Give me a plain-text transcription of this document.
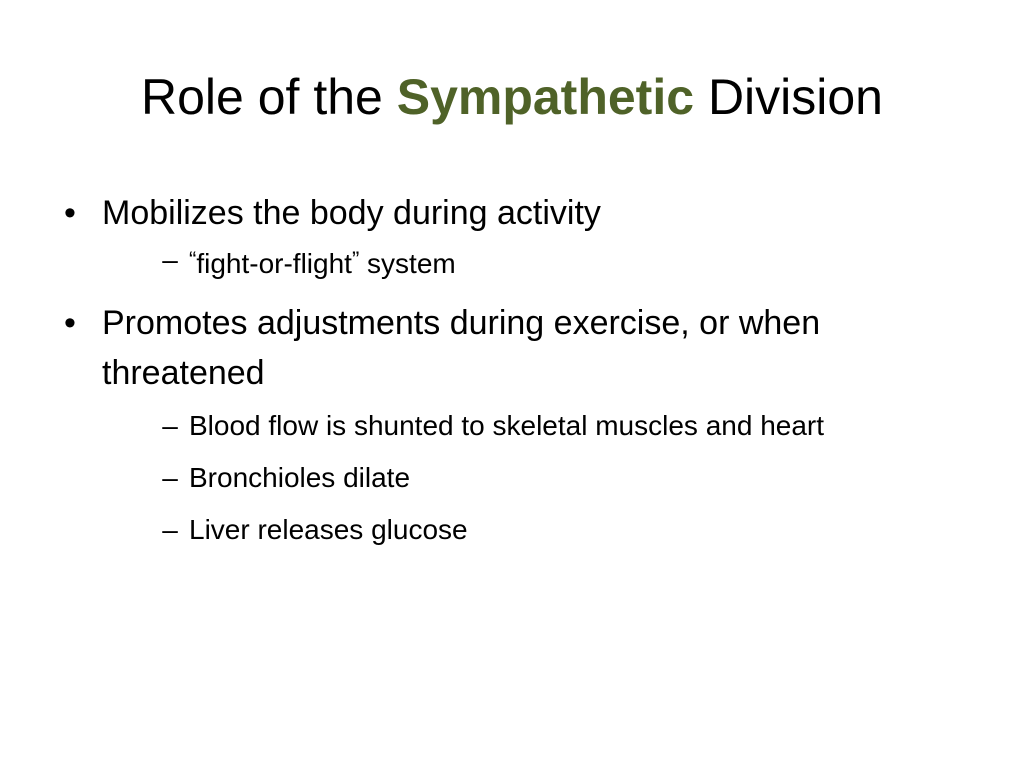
Role of the Sympathetic Division
• Mobilizes the body during activity
– “fight-or-flight” system
• Promotes adjustments during exercise, or when threatened
– Blood flow is shunted to skeletal muscles and heart
– Bronchioles dilate
– Liver releases glucose
